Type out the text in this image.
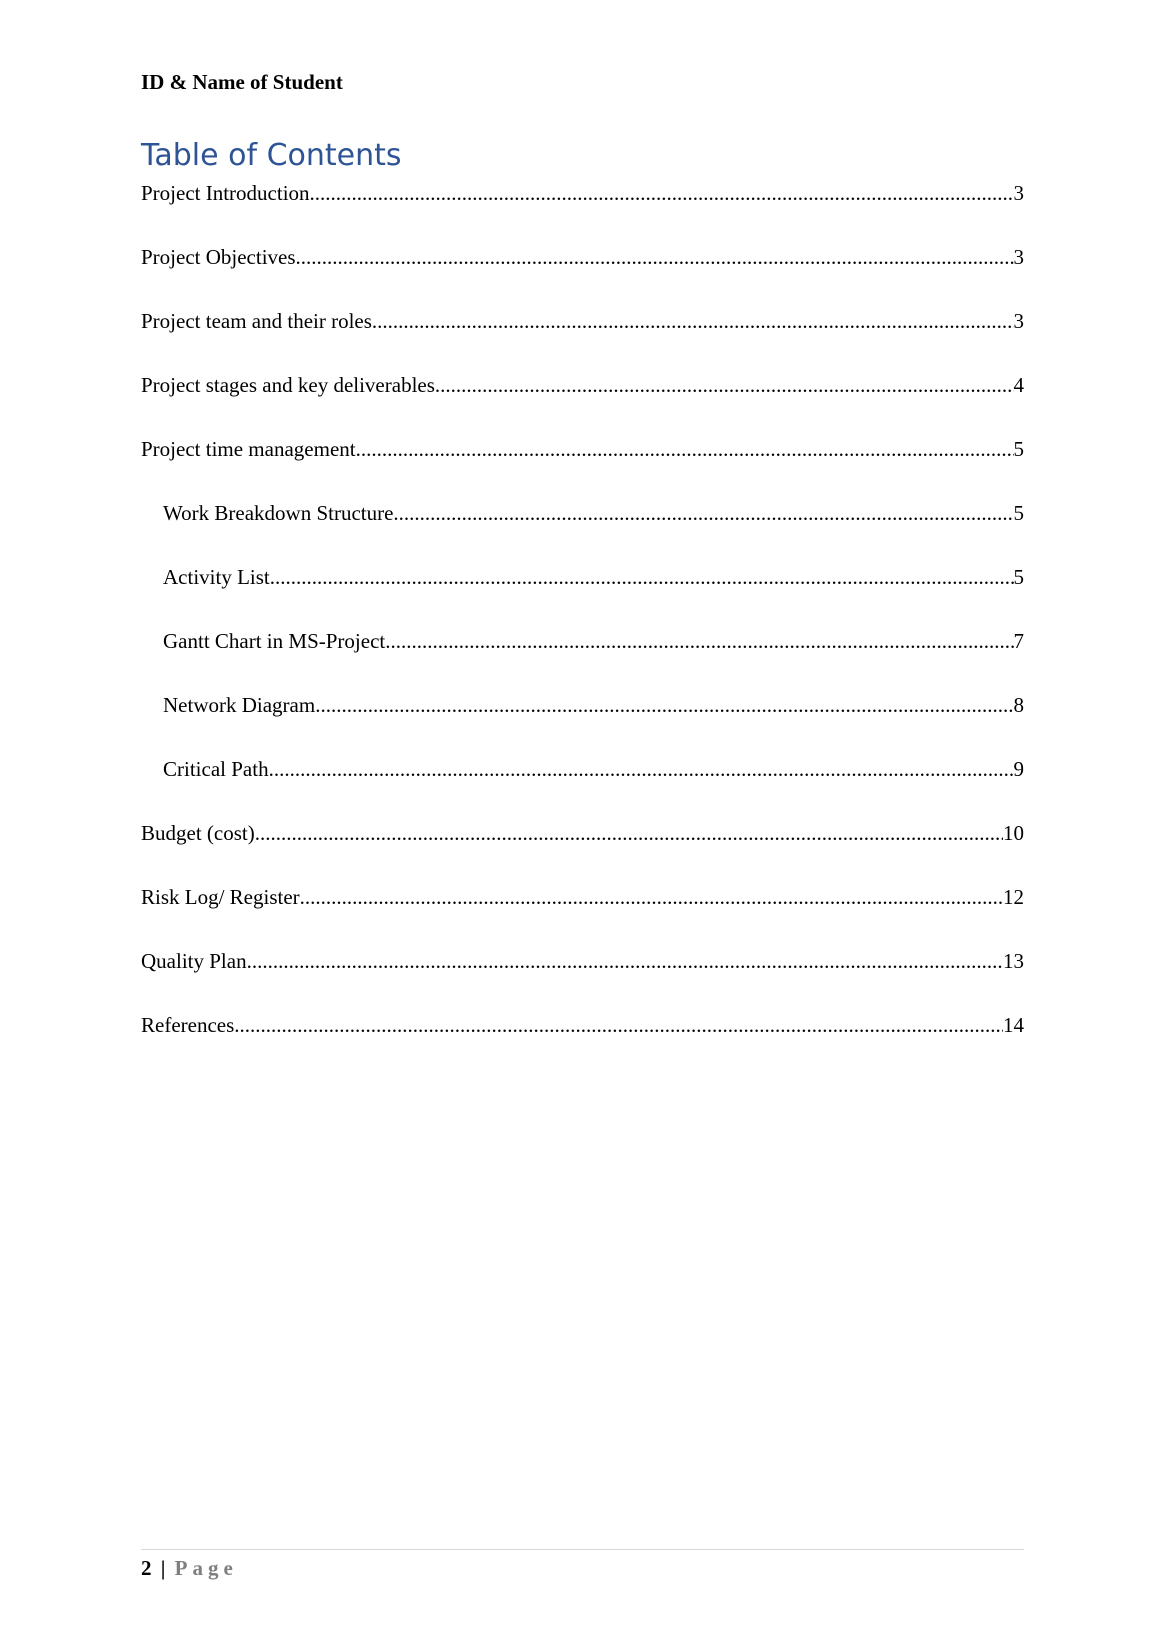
ID & Name of Student
Table of Contents
Project Introduction .....	3
Project Objectives .....	3
Project team and their roles .....	3
Project stages and key deliverables .....	4
Project time management .....	5
Work Breakdown Structure .....	5
Activity List .....	5
Gantt Chart in MS-Project .....	7
Network Diagram .....	8
Critical Path .....	9
Budget (cost) .....	10
Risk Log/ Register .....	12
Quality Plan .....	13
References .....	14
2 | Page
